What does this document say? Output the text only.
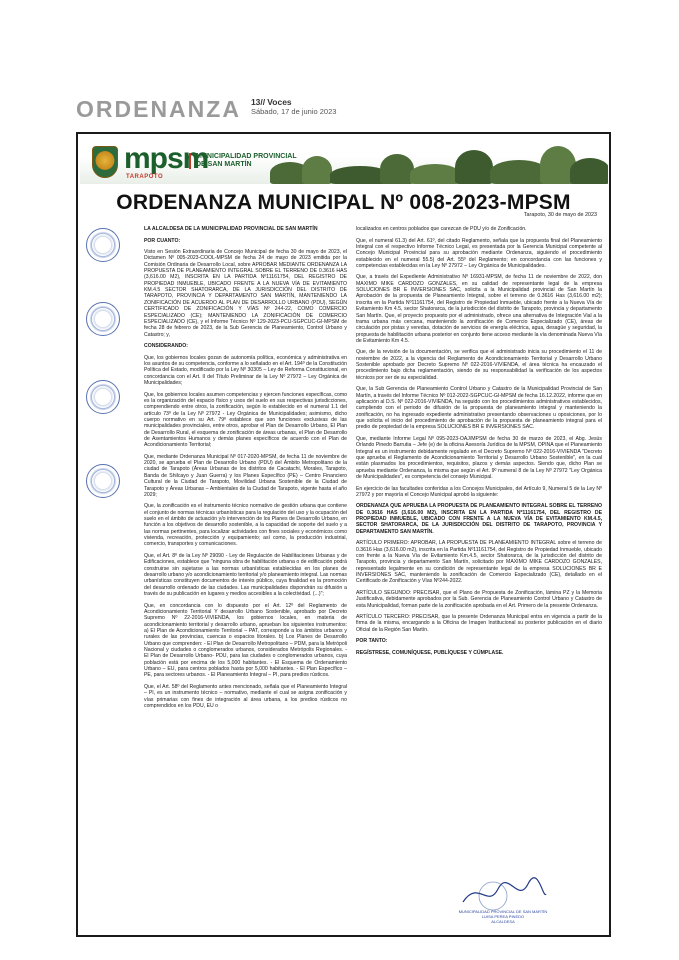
ORDENANZA 13// Voces
Sábado, 17 de junio 2023
mpsm
TARAPOTO
MUNICIPALIDAD PROVINCIAL
DE SAN MARTÍN
ORDENANZA MUNICIPAL Nº 008-2023-MPSM
Tarapoto, 30 de mayo de 2023

LA ALCALDESA DE LA MUNICIPALIDAD PROVINCIAL DE SAN MARTÍN

POR CUANTO:

Visto en Sesión Extraordinaria de Concejo Municipal de fecha 30 de mayo de 2023, el Dictamen Nº 005-2023-COOL-MPSM de fecha 24 de mayo de 2023 emitida por la Comisión Ordinaria de Desarrollo Local, sobre APROBAR MEDIANTE ORDENANZA LA PROPUESTA DE PLANEAMIENTO INTEGRAL SOBRE EL TERRENO DE 0.3616 HAS (3,616.00 M2), INSCRITA EN LA PARTIDA Nº11161754, DEL REGISTRO DE PROPIEDAD INMUEBLE, UBICADO FRENTE A LA NUEVA VÍA DE EVITAMIENTO KM.4.5 SECTOR SHATORARCA, DE LA JURISDICCIÓN DEL DISTRITO DE TARAPOTO, PROVINCIA Y DEPARTAMENTO SAN MARTÍN, MANTENIENDO LA ZONIFICACIÓN DE ACUERDO AL PLAN DE DESARROLLO URBANO (PDU), SEGÚN CERTIFICADO DE ZONIFICACIÓN Y VÍAS Nº 244-22, COMO COMERCIO ESPECIALIZADO (CE); MANTENIENDO LA ZONIFICACIÓN DE COMERCIO ESPECIALIZADO (CE), y el Informe Técnico Nº 129-2023-PCU-SGPCUC-GI-MPSM de fecha 28 de febrero de 2023, de la Sub Gerencia de Planeamiento, Control Urbano y Catastro; y,

CONSIDERANDO:

Que, los gobiernos locales gozan de autonomía política, económica y administrativa en los asuntos de su competencia, conforme a lo señalado en el Art. 194º de la Constitución Política del Estado, modificado por la Ley Nº 30305 – Ley de Reforma Constitucional, en concordancia con el Art. II del Título Preliminar de la Ley Nº 27972 – Ley Orgánica de Municipalidades;

Que, los gobiernos locales asumen competencias y ejercen funciones específicas, como es la organización del espacio físico y usos del suelo en sus respectivas jurisdicciones, comprendiendo entre otros, la zonificación, según lo establecido en el numeral 1.1 del artículo 73º de la Ley Nº 27972 - Ley Orgánica de Municipalidades; asimismo, dicho cuerpo normativo en su Art. 79º establece que son funciones exclusivas de las municipalidades provinciales, entre otros, aprobar el Plan de Desarrollo Urbano, El Plan de Desarrollo Rural, el esquema de zonificación de áreas urbanas, el Plan de Desarrollo de Asentamientos Humanos y demás planes específicos de acuerdo con el Plan de Acondicionamiento Territorial;

Que, mediante Ordenanza Municipal Nº 017-2020-MPSM, de fecha 11 de noviembre de 2020, se aprueba el Plan de Desarrollo Urbano (PDU) del Ámbito Metropolitano de la ciudad de Tarapoto (Áreas Urbanas de los distritos de Cacatachi, Morales, Tarapoto, Banda de Shilcayo y Juan Guerra) y los Planes Específico (PE) – Centro Financiero Cultural de la Ciudad de Tarapoto, Movilidad Urbana Sostenible de la Ciudad de Tarapoto y Áreas Urbanas – Ambientales de la Ciudad de Tarapoto, vigente hasta el año 2029;

Que, la zonificación es el instrumento técnico normativo de gestión urbana que contiene el conjunto de normas técnicas urbanísticas para la regulación del uso y la ocupación del suelo en el ámbito de actuación y/o intervención de los Planes de Desarrollo Urbano, en función a los objetivos de desarrollo sostenible, a la capacidad de soporte del suelo y a las normas pertinentes, para localizar actividades con fines sociales y económicos como vivienda, recreación, protección y equipamiento; así como, la producción industrial, comercio, transportes y comunicaciones.

Que, el Art. 8º de la Ley Nº 29090 - Ley de Regulación de Habilitaciones Urbanas y de Edificaciones, establece que "ninguna obra de habilitación urbana o de edificación podrá construirse sin sujetarse a las normas urbanísticas establecidas en los planes de desarrollo urbano y/o acondicionamiento territorial y/o planeamiento integral. Las normas urbanísticas constituyen documentos de interés público, cuya finalidad es la promoción del desarrollo ordenado de las ciudades. Las municipalidades dispondrán su difusión a través de su publicación en lugares y medios accesibles a la colectividad. (...)";

Que, en concordancia con lo dispuesto por el Art. 12º del Reglamento de Acondicionamiento Territorial Y desarrollo Urbano Sostenible, aprobado por Decreto Supremo Nº 22-2016-VIVIENDA, los gobiernos locales, en materia de acondicionamiento territorial y desarrollo urbano, aprueban los siguientes instrumentos: a) El Plan de Acondicionamiento Territorial – PAT, corresponde a los ámbitos urbanos y rurales de las provincias, cuencas o espacios litorales. b) Los Planes de Desarrollo Urbano que comprenden: - El Plan de Desarrollo Metropolitano – PDM, para la Metrópoli Nacional y ciudades o conglomerados urbanos, considerados Metrópolis Regionales. - El Plan de Desarrollo Urbano- PDU, para las ciudades o conglomerados urbanos, cuya población está por encima de los 5,000 habitantes. - El Esquema de Ordenamiento Urbano – EU, para centros poblados hasta por 5,000 habitantes. - El Plan Específico – PE, para sectores urbanos. - El Planeamiento Integral – PI, para predios rústicos.

Que, el Art. 58º del Reglamento antes mencionado, señala que el Planeamiento Integral – PI, es un instrumento técnico – normativo, mediante el cual se asigna zonificación y vías primarias con fines de integración al área urbana, a los predios rústicos no comprendidos en los PDU, EU o

localizados en centros poblados que carezcan de PDU y/o de Zonificación.

Que, el numeral 61.3) del Art. 61º, del citado Reglamento, señala que la propuesta final del Planeamiento Integral con el respectivo Informe Técnico Legal, es presentada por la Gerencia Municipal competente al Concejo Municipal Provincial para su aprobación mediante Ordenanza, siguiendo el procedimiento establecido en el numeral 55.5) del Art. 55º del Reglamento; en concordancia con las funciones y competencias establecidas en la Ley Nº 27972 – Ley Orgánica de Municipalidades.

Que, a través del Expediente Administrativo Nº 16931-MPSM, de fecha 11 de noviembre de 2022, don MAXIMO MIKE CARDOZO GONZALES, en su calidad de representante legal de la empresa SOLUCIONES BR E INVERSIONES SAC, solicita a la Municipalidad provincial de San Martín la Aprobación de la propuesta de Planeamiento Integral, sobre el terreno de 0.3616 Has (3,616.00 m2); inscrita en la Partida Nº11161754, del Registro de Propiedad Inmueble, ubicado frente a la Nueva Vía de Evitamiento Km 4.5, sector Shatorarca, de la jurisdicción del distrito de Tarapoto, provincia y departamento San Martín. Que, el proyecto propuesto por el administrado, ofrece una alternativa de Integración Vial a la trama urbana más cercana, manteniendo la zonificación de Comercio Especializado (CE), áreas de circulación por pistas y veredas, dotación de servicios de energía eléctrica, agua, desagüe y seguridad, la propuesta de habilitación urbana posterior en conjunto tiene acceso mediante la vía denominada Nueva Vía de Evitamiento Km 4.5.

Que, de la revisión de la documentación, se verifica que el administrado inicia su procedimiento el 11 de noviembre de 2022, a la vigencia del Reglamento de Acondicionamiento Territorial y Desarrollo Urbano Sostenible aprobado por Decreto Supremo Nº 022-2016-VIVIENDA, el área técnica ha encauzado el procedimiento bajo dicha reglamentación, siendo de su responsabilidad la verificación de los aspectos técnicos por ser de su especialidad.

Que, la Sub Gerencia de Planeamiento Control Urbano y Catastro de la Municipalidad Provincial de San Martín, a través del Informe Técnico Nº 012-2022-SGPCUC-GI-MPSM de fecha 16.12.2022, informe que en aplicación al D.S. Nº 022-2016-VIVIENDA, ha seguido con los procedimientos administrativos establecidos, cumpliendo con el periodo de difusión de la propuesta de planeamiento integral y manteniendo la zonificación, no ha ingresado expediente administrativo presentando observaciones u oposiciones, por lo que solicita el inicio del procedimiento de aprobación de la propuesta de planeamiento integral para el predio de propiedad de la empresa SOLUCIONES BR E INVERSIONES SAC.

Que, mediante Informe Legal Nº 095-2023-OAJ/MPSM de fecha 30 de marzo de 2023, el Abg. Jesús Orlando Pinedo Barrutia – Jefe (e) de la oficina Asesoría Jurídica de la MPSM, OPINA que el Planeamiento Integral es un instrumento debidamente regulado en el Decreto Supremo Nº 022-2016-VIVIENDA "Decreto que aprueba el Reglamento de Acondicionamiento Territorial y Desarrollo Urbano Sostenible", en la cual están plasmados los procedimientos, requisitos, plazos y demás aspectos. Siendo que, dicho Plan se aprueba mediante Ordenanza, la misma que según el Art. 9º numeral 8 de la Ley Nº 27972 "Ley Orgánica de Municipalidades", es competencia del consejo Municipal.

En ejercicio de las facultades conferidas a los Concejos Municipales, del Artículo 9, Numeral 5 de la Ley Nº 27972 y por mayoría el Concejo Municipal aprobó la siguiente:

ORDENANZA QUE APRUEBA LA PROPUESTA DE PLANEAMIENTO INTEGRAL SOBRE EL TERRENO DE 0.3616 HAS (3,616.00 M2), INSCRITA EN LA PARTIDA Nº11161754, DEL REGISTRO DE PROPIEDAD INMUEBLE, UBICADO CON FRENTE A LA NUEVA VÍA DE EVITAMIENTO KM.4.5, SECTOR SHATORARCA, DE LA JURISDICCIÓN DEL DISTRITO DE TARAPOTO, PROVINCIA Y DEPARTAMENTO SAN MARTÍN.

ARTÍCULO PRIMERO: APROBAR, LA PROPUESTA DE PLANEAMIENTO INTEGRAL sobre el terreno de 0.3616 Has (3,616.00 m2), inscrita en la Partida Nº11161754, del Registro de Propiedad Inmueble, ubicado con frente a la Nueva Vía de Evitamiento Km.4.5, sector Shatorarca, de la jurisdicción del distrito de Tarapoto, provincia y departamento San Martín, solicitado por MAXIMO MIKE CARDOZO GONZALES, representado legalmente en su condición de representante legal de la empresa SOLUCIONES BR E INVERSIONES SAC, manteniendo la zonificación de Comercio Especializado (CE), detallado en el Certificado de Zonificación y Vías Nº244-2022.

ARTÍCULO SEGUNDO: PRECISAR, que el Plano de Propuesta de Zonificación, lámina PZ y la Memoria Justificativa, debidamente aprobados por la Sub. Gerencia de Planeamiento Control Urbano y Catastro de esta Municipalidad, forman parte de la zonificación aprobada en el Art. Primero de la presente Ordenanza.

ARTÍCULO TERCERO: PRECISAR, que la presente Ordenanza Municipal entra en vigencia a partir de la firma de la misma, encargando a la Oficina de Imagen Institucional su posterior publicación en el diario Oficial de la Región San Martín.

POR TANTO:

REGÍSTRESE, COMUNÍQUESE, PUBLÍQUESE Y CÚMPLASE.

MUNICIPALIDAD PROVINCIAL DE SAN MARTÍN
LUISA PEREA PINEDO
ALCALDESA
